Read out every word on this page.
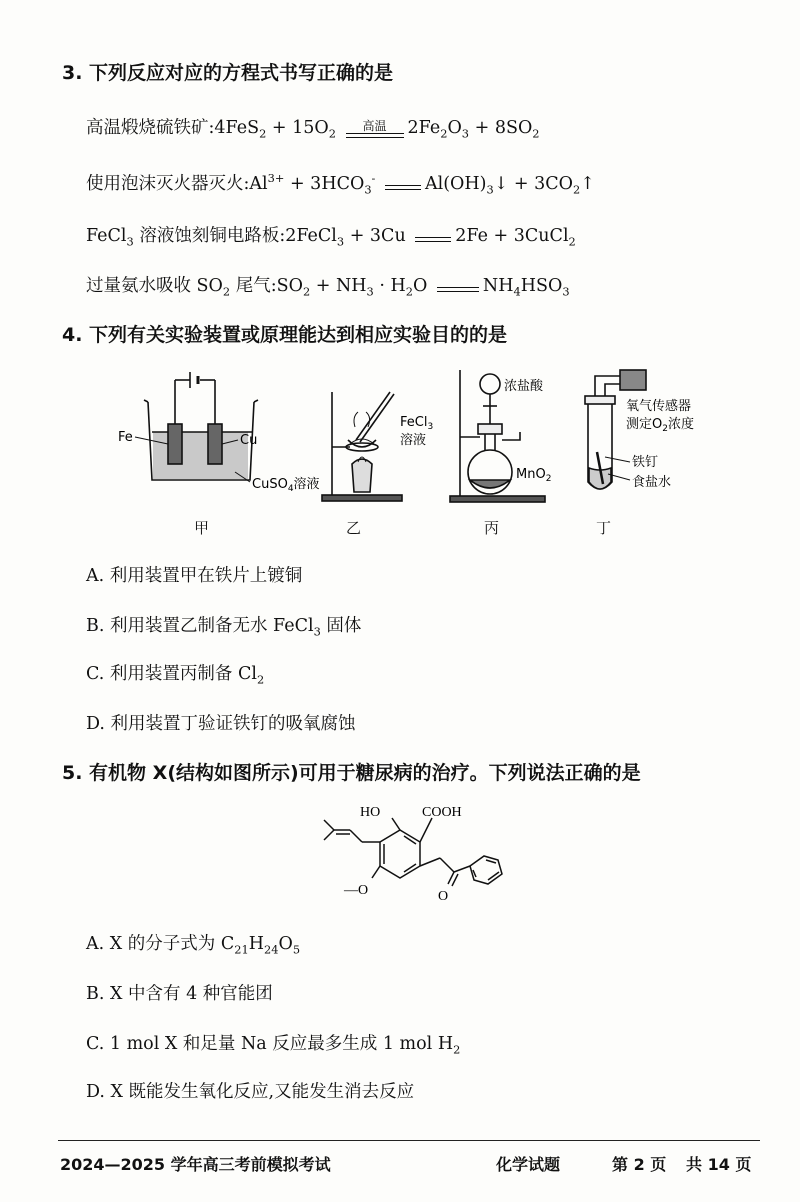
3. 下列反应对应的方程式书写正确的是
高温煅烧硫铁矿:4FeS$_2$ + $15O_2$
高温	$2Fe_2O_3 + 8SO_2$
使用泡沫灭火器灭火$:Al^{3+} + 3HCO_3^-$	$Al(OH)_3↓$ + $3CO_2↑$
FeCl$_3$ 溶液蚀刻铜电路板:2FeCl$_3$ + 3Cu	2Fe + 3CuCl$_2$
过量氨水吸收 $SO_2$ 尾气$:SO_2 + NH_3 \cdot H_2O$	$NH_4HSO_3$
4. 下列有关实验装置或原理能达到相应实验目的的是
Fe	Cu
CuSO$_4$溶液
FeCl$_3$
溶液
浓盐酸
MnO$_2$
氧气传感器
测定$O_2$浓度
铁钉
食盐水
甲	乙	丙	丁
A. 利用装置甲在铁片上镀铜
B. 利用装置乙制备无水 FeCl$_3$ 固体
C. 利用装置丙制备 $Cl_2$
D. 利用装置丁验证铁钉的吸氧腐蚀
5. 有机物 X(结构如图所示)可用于糖尿病的治疗。下列说法正确的是
HO	COOH
—O	O
A. X 的分子式为 $C_{21}H_{24}O_5$
B. X 中含有 4 种官能团
C. 1 mol X 和足量 Na 反应最多生成 1 mol $H_2$
D. X 既能发生氧化反应,又能发生消去反应
2024—2025 学年高三考前模拟考试	化学试题	第 2 页 共 14 页
